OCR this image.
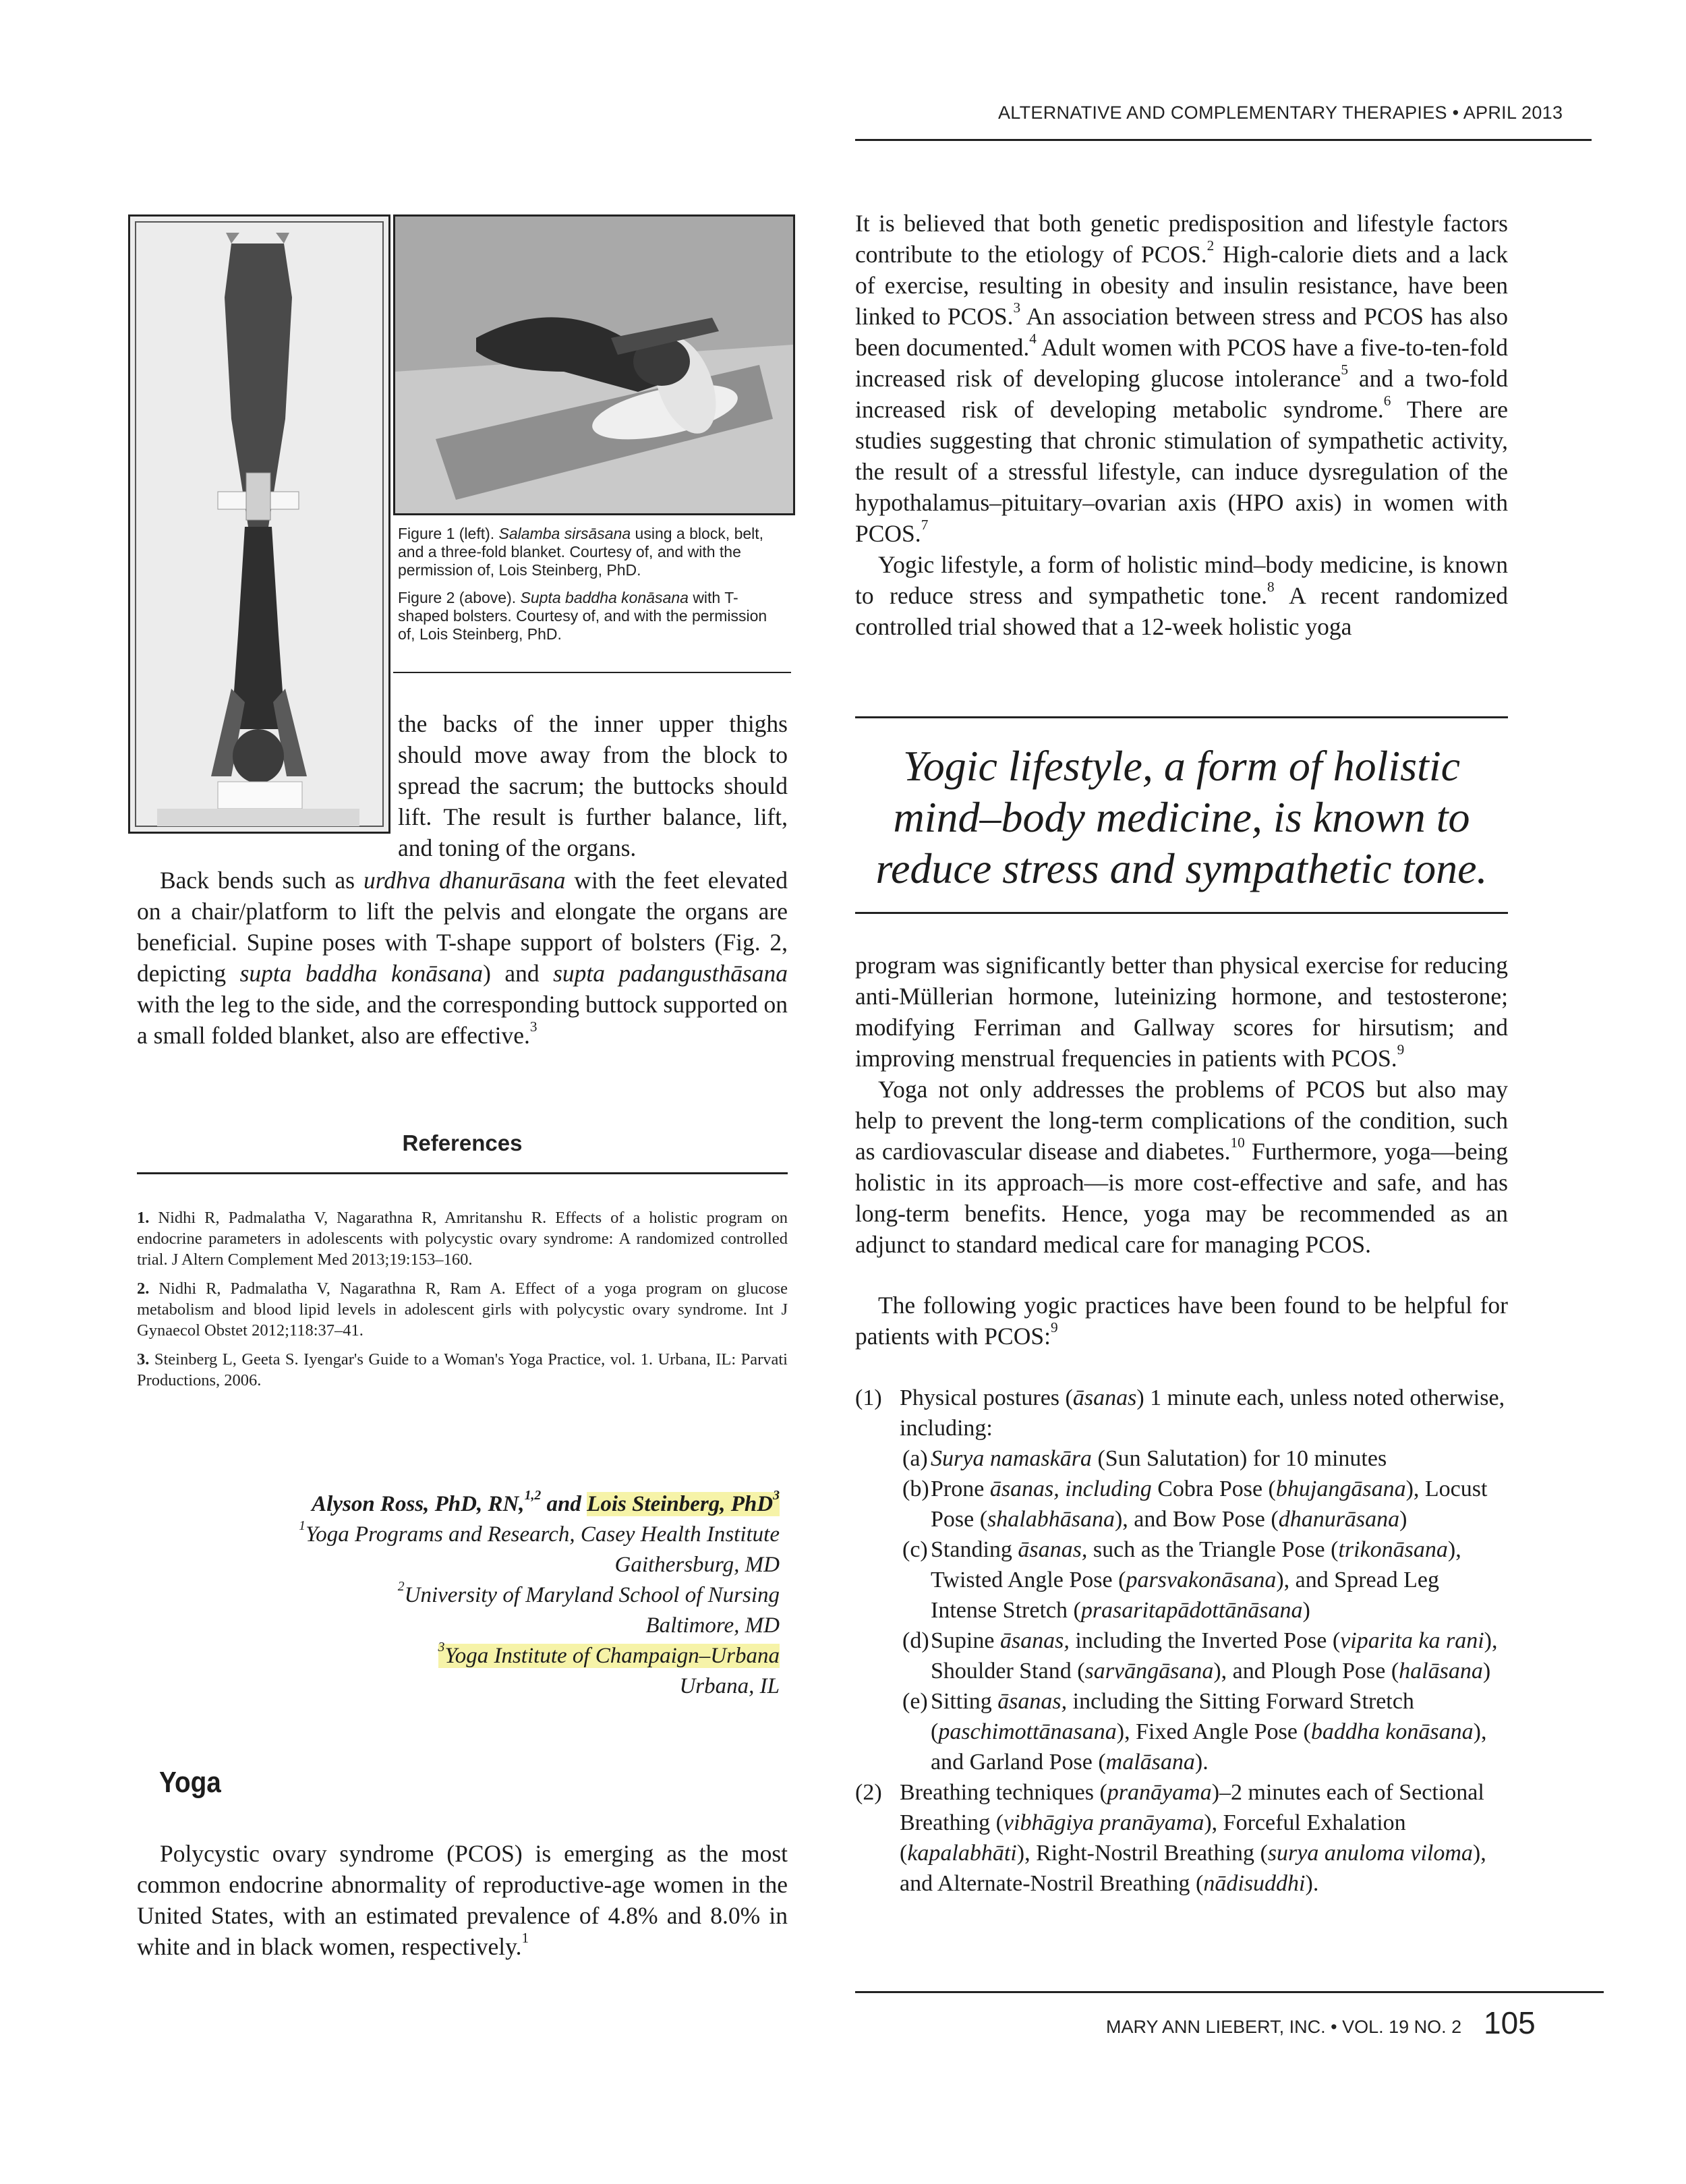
ALTERNATIVE AND COMPLEMENTARY THERAPIES • APRIL 2013

Figure 1 (left). Salamba sirsāsana using a block, belt, and a three-fold blanket. Courtesy of, and with the permission of, Lois Steinberg, PhD.

Figure 2 (above). Supta baddha konāsana with T-shaped bolsters. Courtesy of, and with the permission of, Lois Steinberg, PhD.

the backs of the inner upper thighs should move away from the block to spread the sacrum; the buttocks should lift. The result is further balance, lift, and toning of the organs.

Back bends such as urdhva dhanurāsana with the feet elevated on a chair/platform to lift the pelvis and elongate the organs are beneficial. Supine poses with T-shape support of bolsters (Fig. 2, depicting supta baddha konāsana) and supta padangusthāsana with the leg to the side, and the corresponding buttock supported on a small folded blanket, also are effective.$^3$

References

1. Nidhi R, Padmalatha V, Nagarathna R, Amritanshu R. Effects of a holistic program on endocrine parameters in adolescents with polycystic ovary syndrome: A randomized controlled trial. J Altern Complement Med 2013;19:153–160.

2. Nidhi R, Padmalatha V, Nagarathna R, Ram A. Effect of a yoga program on glucose metabolism and blood lipid levels in adolescent girls with polycystic ovary syndrome. Int J Gynaecol Obstet 2012;118:37–41.

3. Steinberg L, Geeta S. Iyengar's Guide to a Woman's Yoga Practice, vol. 1. Urbana, IL: Parvati Productions, 2006.

Alyson Ross, PhD, RN,$^{1,2}$ and Lois Steinberg, PhD$^3$
$^1$Yoga Programs and Research, Casey Health Institute
Gaithersburg, MD
$^2$University of Maryland School of Nursing
Baltimore, MD
$^3$Yoga Institute of Champaign–Urbana
Urbana, IL
Yoga

Polycystic ovary syndrome (PCOS) is emerging as the most common endocrine abnormality of reproductive-age women in the United States, with an estimated prevalence of 4.8% and 8.0% in white and in black women, respectively.$^1$

It is believed that both genetic predisposition and lifestyle factors contribute to the etiology of PCOS.$^2$ High-calorie diets and a lack of exercise, resulting in obesity and insulin resistance, have been linked to PCOS.$^3$ An association between stress and PCOS has also been documented.$^4$ Adult women with PCOS have a five-to-ten-fold increased risk of developing glucose intolerance$^5$ and a two-fold increased risk of developing metabolic syndrome.$^6$ There are studies suggesting that chronic stimulation of sympathetic activity, the result of a stressful lifestyle, can induce dysregulation of the hypothalamus–pituitary–ovarian axis (HPO axis) in women with PCOS.$^7$

Yogic lifestyle, a form of holistic mind–body medicine, is known to reduce stress and sympathetic tone.$^8$ A recent randomized controlled trial showed that a 12-week holistic yoga

Yogic lifestyle, a form of holistic mind–body medicine, is known to reduce stress and sympathetic tone.

program was significantly better than physical exercise for reducing anti-Müllerian hormone, luteinizing hormone, and testosterone; modifying Ferriman and Gallway scores for hirsutism; and improving menstrual frequencies in patients with PCOS.$^9$

Yoga not only addresses the problems of PCOS but also may help to prevent the long-term complications of the condition, such as cardiovascular disease and diabetes.$^{10}$ Furthermore, yoga—being holistic in its approach—is more cost-effective and safe, and has long-term benefits. Hence, yoga may be recommended as an adjunct to standard medical care for managing PCOS.

The following yogic practices have been found to be helpful for patients with PCOS:$^9$

(1) Physical postures (āsanas) 1 minute each, unless noted otherwise, including:

(a) Surya namaskāra (Sun Salutation) for 10 minutes

(b)Prone āsanas, including Cobra Pose (bhujangāsana), Locust Pose (shalabhāsana), and Bow Pose (dhanurāsana)

(c) Standing āsanas, such as the Triangle Pose (trikonāsana), Twisted Angle Pose (parsvakonāsana), and Spread Leg Intense Stretch (prasaritapādottānāsana)

(d)Supine āsanas, including the Inverted Pose (viparita ka rani), Shoulder Stand (sarvāngāsana), and Plough Pose (halāsana)

(e) Sitting āsanas, including the Sitting Forward Stretch (paschimottānasana), Fixed Angle Pose (baddha konāsana), and Garland Pose (malāsana).

(2) Breathing techniques (pranāyama)–2 minutes each of Sectional Breathing (vibhāgiya pranāyama), Forceful Exhalation (kapalabhāti), Right-Nostril Breathing (surya anuloma viloma), and Alternate-Nostril Breathing (nādisuddhi).

MARY ANN LIEBERT, INC. • VOL. 19 NO. 2 105
